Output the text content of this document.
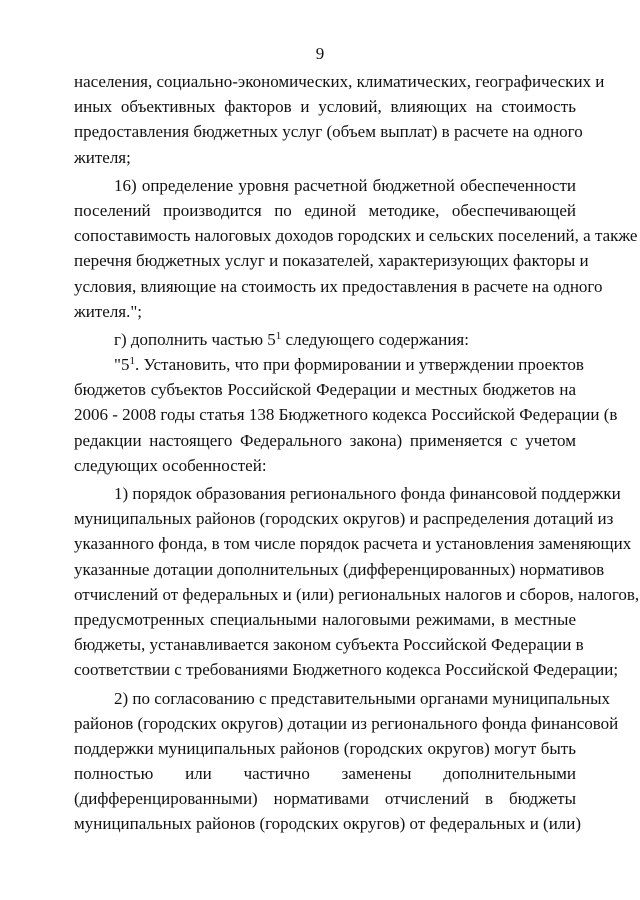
9
населения, социально-экономических, климатических, географических и
иных объективных факторов и условий, влияющих на стоимость
предоставления бюджетных услуг (объем выплат) в расчете на одного
жителя;
16) определение уровня расчетной бюджетной обеспеченности
поселений производится по единой методике, обеспечивающей
сопоставимость налоговых доходов городских и сельских поселений, а также
перечня бюджетных услуг и показателей, характеризующих факторы и
условия, влияющие на стоимость их предоставления в расчете на одного
жителя.";
г) дополнить частью $5^1$ следующего содержания:
"$5^1$. Установить, что при формировании и утверждении проектов
бюджетов субъектов Российской Федерации и местных бюджетов на
2006 - 2008 годы статья 138 Бюджетного кодекса Российской Федерации (в
редакции настоящего Федерального закона) применяется с учетом
следующих особенностей:
1) порядок образования регионального фонда финансовой поддержки
муниципальных районов (городских округов) и распределения дотаций из
указанного фонда, в том числе порядок расчета и установления заменяющих
указанные дотации дополнительных (дифференцированных) нормативов
отчислений от федеральных и (или) региональных налогов и сборов, налогов,
предусмотренных специальными налоговыми режимами, в местные
бюджеты, устанавливается законом субъекта Российской Федерации в
соответствии с требованиями Бюджетного кодекса Российской Федерации;
2) по согласованию с представительными органами муниципальных
районов (городских округов) дотации из регионального фонда финансовой
поддержки муниципальных районов (городских округов) могут быть
полностью или частично заменены дополнительными
(дифференцированными) нормативами отчислений в бюджеты
муниципальных районов (городских округов) от федеральных и (или)
